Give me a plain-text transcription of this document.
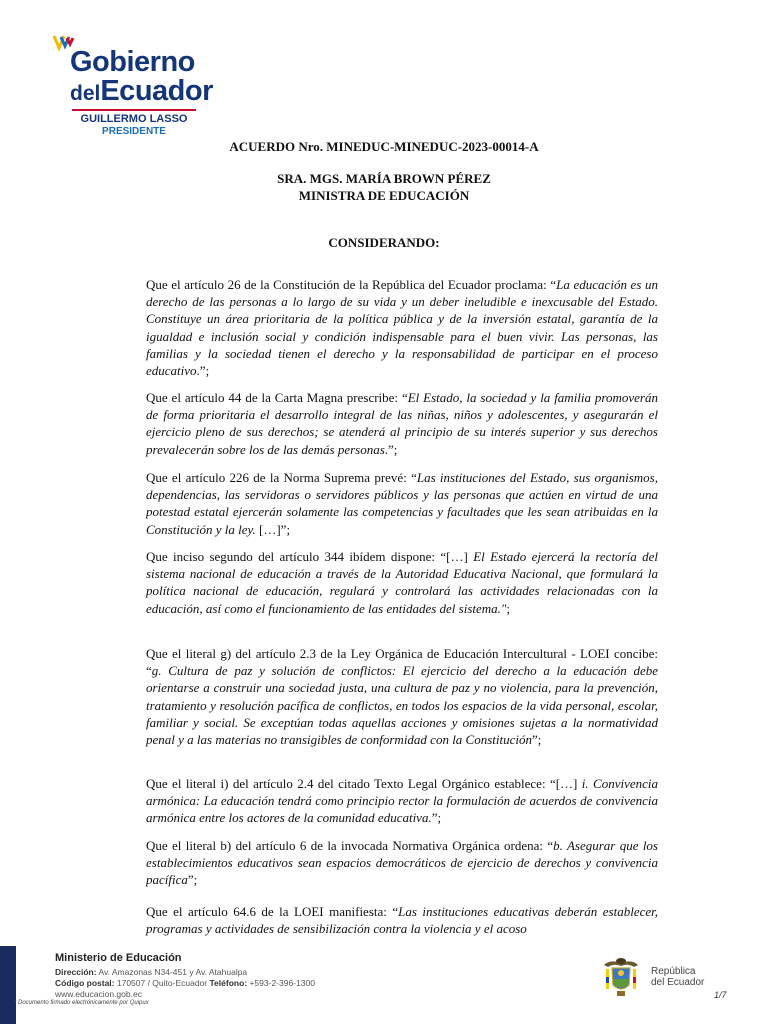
Gobierno
delEcuador
GUILLERMO LASSO
PRESIDENTE
ACUERDO Nro. MINEDUC-MINEDUC-2023-00014-A
SRA. MGS. MARÍA BROWN PÉREZ
MINISTRA DE EDUCACIÓN
CONSIDERANDO:

Que el artículo 26 de la Constitución de la República del Ecuador proclama: “La educación es un derecho de las personas a lo largo de su vida y un deber ineludible e inexcusable del Estado. Constituye un área prioritaria de la política pública y de la inversión estatal, garantía de la igualdad e inclusión social y condición indispensable para el buen vivir. Las personas, las familias y la sociedad tienen el derecho y la responsabilidad de participar en el proceso educativo.”;

Que el artículo 44 de la Carta Magna prescribe: “El Estado, la sociedad y la familia promoverán de forma prioritaria el desarrollo integral de las niñas, niños y adolescentes, y asegurarán el ejercicio pleno de sus derechos; se atenderá al principio de su interés superior y sus derechos prevalecerán sobre los de las demás personas.”;

Que el artículo 226 de la Norma Suprema prevé: “Las instituciones del Estado, sus organismos, dependencias, las servidoras o servidores públicos y las personas que actúen en virtud de una potestad estatal ejercerán solamente las competencias y facultades que les sean atribuidas en la Constitución y la ley. […]”;

Que inciso segundo del artículo 344 ibídem dispone: “[…] El Estado ejercerá la rectoría del sistema nacional de educación a través de la Autoridad Educativa Nacional, que formulará la política nacional de educación, regulará y controlará las actividades relacionadas con la educación, así como el funcionamiento de las entidades del sistema.";

Que el literal g) del artículo 2.3 de la Ley Orgánica de Educación Intercultural - LOEI concibe: “g. Cultura de paz y solución de conflictos: El ejercicio del derecho a la educación debe orientarse a construir una sociedad justa, una cultura de paz y no violencia, para la prevención, tratamiento y resolución pacífica de conflictos, en todos los espacios de la vida personal, escolar, familiar y social. Se exceptúan todas aquellas acciones y omisiones sujetas a la normatividad penal y a las materias no transigibles de conformidad con la Constitución”;

Que el literal i) del artículo 2.4 del citado Texto Legal Orgánico establece: “[…] i. Convivencia armónica: La educación tendrá como principio rector la formulación de acuerdos de convivencia armónica entre los actores de la comunidad educativa.”;

Que el literal b) del artículo 6 de la invocada Normativa Orgánica ordena: “b. Asegurar que los establecimientos educativos sean espacios democráticos de ejercicio de derechos y convivencia pacífica”;

Que el artículo 64.6 de la LOEI manifiesta: “Las instituciones educativas deberán establecer, programas y actividades de sensibilización contra la violencia y el acoso

Ministerio de Educación
Dirección: Av. Amazonas N34-451 y Av. Atahualpa
Código postal: 170507 / Quito-Ecuador Teléfono: +593-2-396-1300
www.educacion.gob.ec
* Documento firmado electrónicamente por Quipux
República
del Ecuador
1/7
